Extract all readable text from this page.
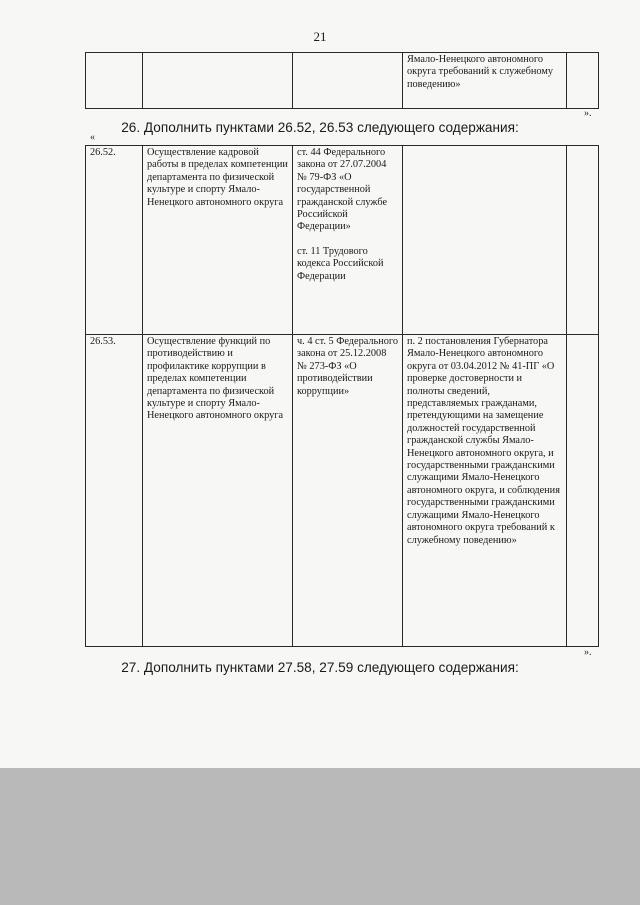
21

Ямало-Ненецкого автономного округа требований к служебному поведению»

».
26. Дополнить пунктами 26.52, 26.53 следующего содержания:
«
26.52.	Осуществление кадровой работы в пределах компетенции департамента по физической культуре и спорту Ямало-Ненецкого автономного округа	ст. 44 Федерального закона от 27.07.2004 № 79-ФЗ «О государственной гражданской службе Российской Федерации»
ст. 11 Трудового кодекса Российской Федерации		

26.53.	Осуществление функций по противодействию и профилактике коррупции в пределах компетенции департамента по физической культуре и спорту Ямало-Ненецкого автономного округа	ч. 4 ст. 5 Федерального закона от 25.12.2008 № 273-ФЗ «О противодействии коррупции»	п. 2 постановления Губернатора Ямало-Ненецкого автономного округа от 03.04.2012 № 41-ПГ «О проверке достоверности и полноты сведений, представляемых гражданами, претендующими на замещение должностей государственной гражданской службы Ямало-Ненецкого автономного округа, и государственными гражданскими служащими Ямало-Ненецкого автономного округа, и соблюдения государственными гражданскими служащими Ямало-Ненецкого автономного округа требований к служебному поведению»	
».
27. Дополнить пунктами 27.58, 27.59 следующего содержания:
